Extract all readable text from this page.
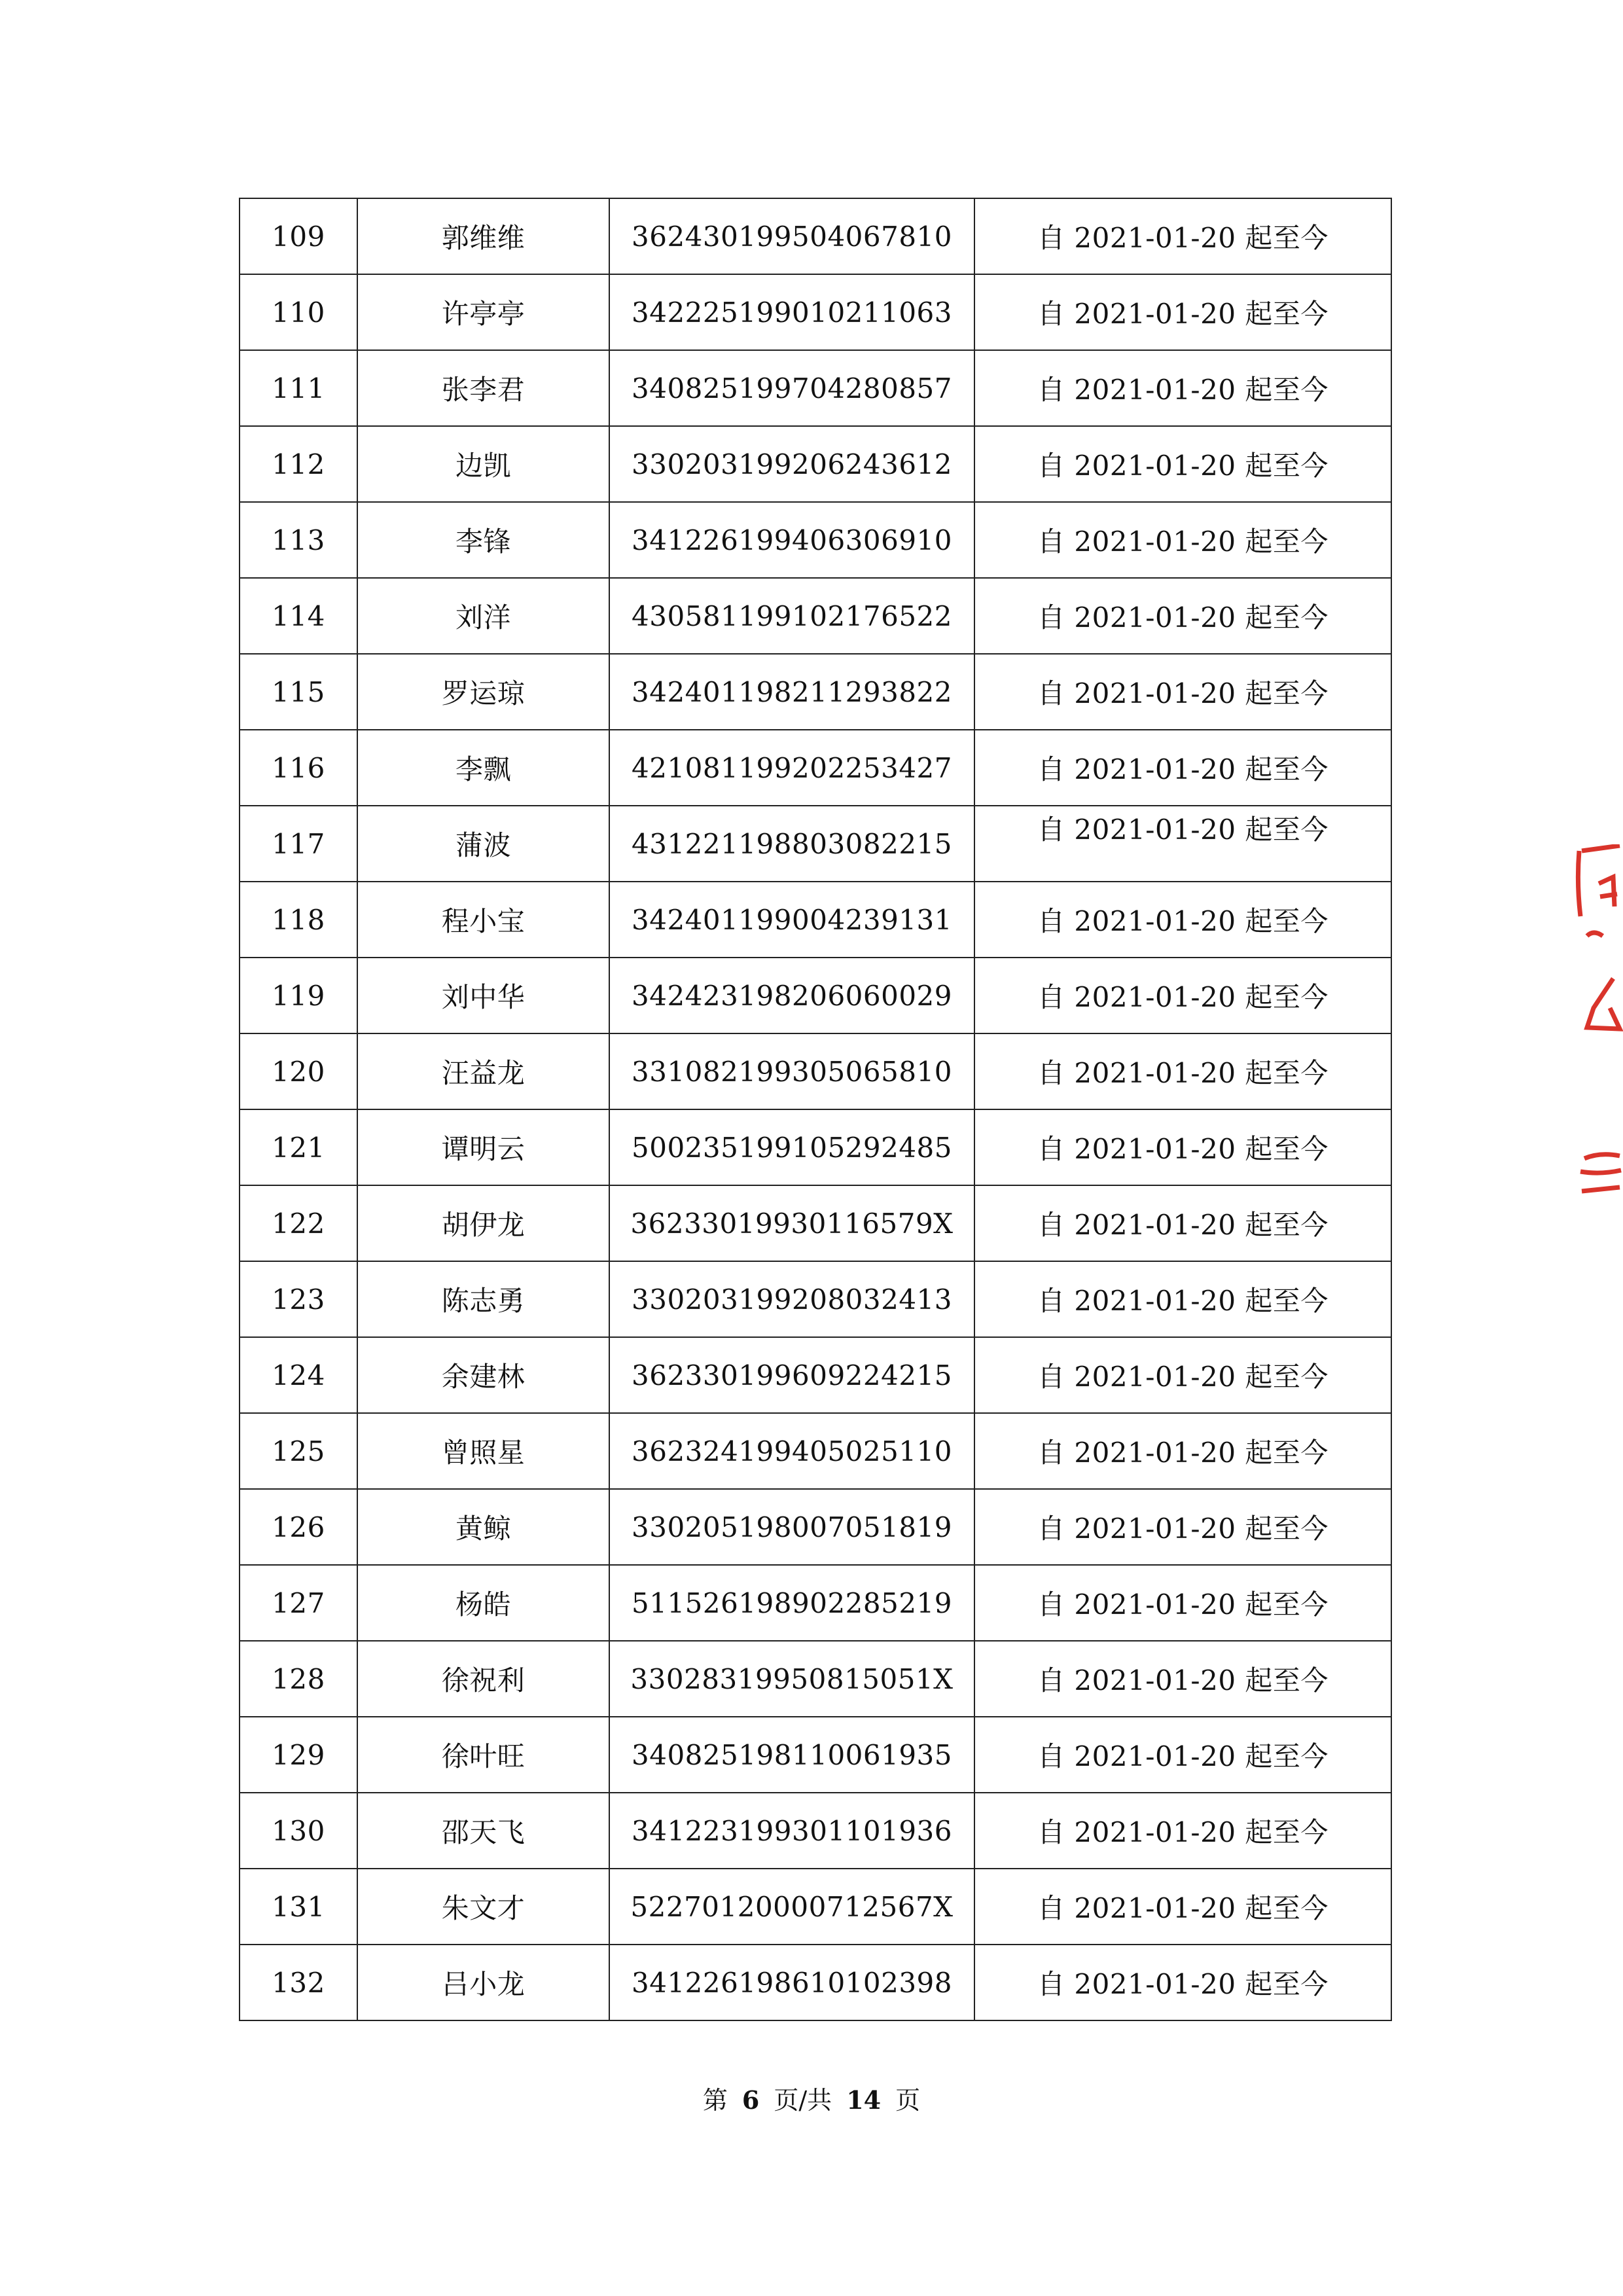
109	郭维维	362430199504067810	自 2021-01-20 起至今
110	许亭亭	342225199010211063	自 2021-01-20 起至今
111	张李君	340825199704280857	自 2021-01-20 起至今
112	边凯	330203199206243612	自 2021-01-20 起至今
113	李锋	341226199406306910	自 2021-01-20 起至今
114	刘洋	430581199102176522	自 2021-01-20 起至今
115	罗运琼	342401198211293822	自 2021-01-20 起至今
116	李飘	421081199202253427	自 2021-01-20 起至今
117	蒲波	431221198803082215	自 2021-01-20 起至今
118	程小宝	342401199004239131	自 2021-01-20 起至今
119	刘中华	342423198206060029	自 2021-01-20 起至今
120	汪益龙	331082199305065810	自 2021-01-20 起至今
121	谭明云	500235199105292485	自 2021-01-20 起至今
122	胡伊龙	36233019930116579X	自 2021-01-20 起至今
123	陈志勇	330203199208032413	自 2021-01-20 起至今
124	余建林	362330199609224215	自 2021-01-20 起至今
125	曾照星	362324199405025110	自 2021-01-20 起至今
126	黄鲸	330205198007051819	自 2021-01-20 起至今
127	杨皓	511526198902285219	自 2021-01-20 起至今
128	徐祝利	33028319950815051X	自 2021-01-20 起至今
129	徐叶旺	340825198110061935	自 2021-01-20 起至今
130	邵天飞	341223199301101936	自 2021-01-20 起至今
131	朱文才	52270120000712567X	自 2021-01-20 起至今
132	吕小龙	341226198610102398	自 2021-01-20 起至今
第 6 页/共 14 页
